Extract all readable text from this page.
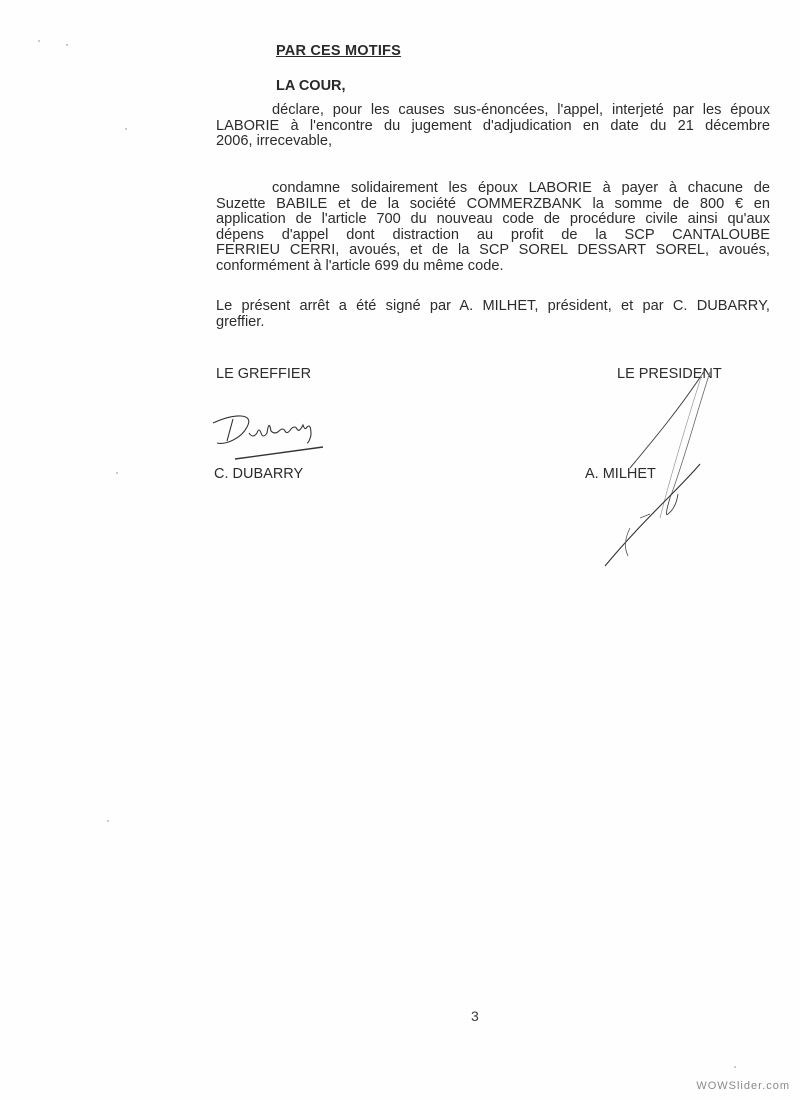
PAR CES MOTIFS
LA COUR,
déclare, pour les causes sus-énoncées, l'appel, interjeté par les époux
LABORIE à l'encontre du jugement d'adjudication en date du 21 décembre
2006, irrecevable,
condamne solidairement les époux LABORIE à payer à chacune de
Suzette BABILE et de la société COMMERZBANK la somme de 800 € en
application de l'article 700 du nouveau code de procédure civile ainsi qu'aux
dépens d'appel dont distraction au profit de la SCP CANTALOUBE
FERRIEU CERRI, avoués, et de la SCP SOREL DESSART SOREL, avoués,
conformément à l'article 699 du même code.
Le présent arrêt a été signé par A. MILHET, président, et par C. DUBARRY,
greffier.
LE GREFFIER	LE PRESIDENT
C. DUBARRY	A. MILHET
3
WOWSlider.com
